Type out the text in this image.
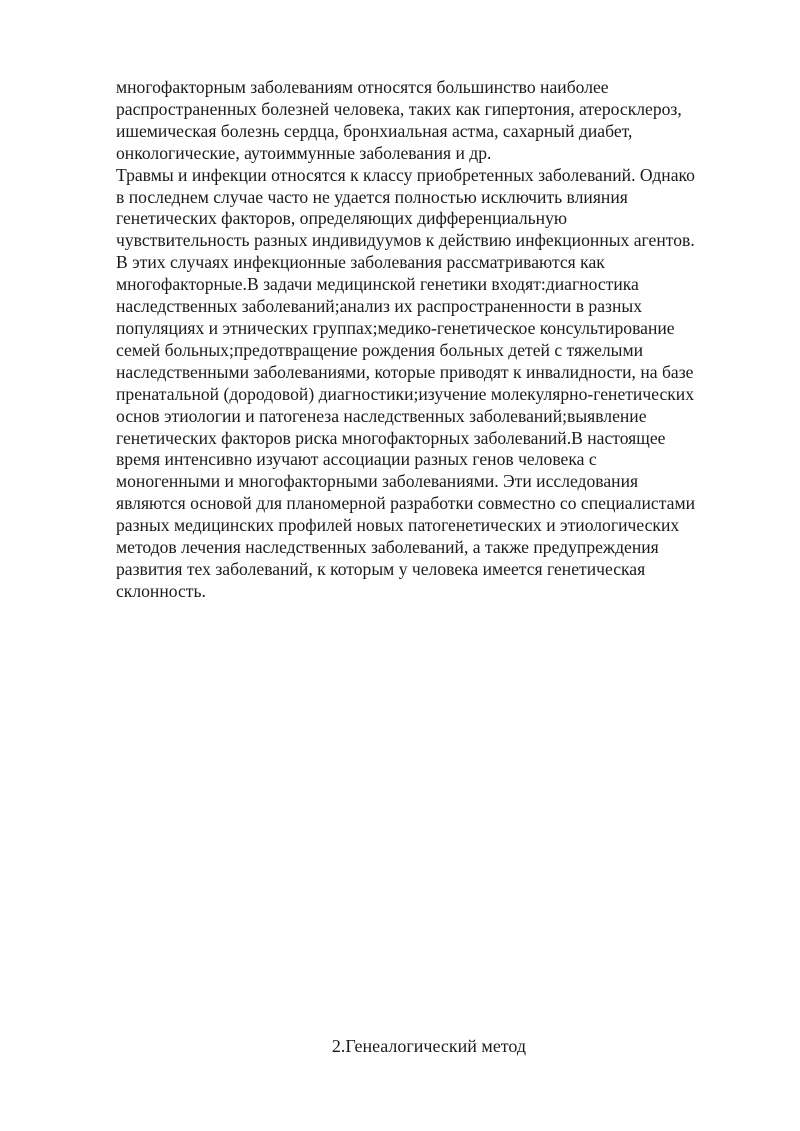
многофакторным заболеваниям относятся большинство наиболее
распространенных болезней человека, таких как гипертония, атеросклероз,
ишемическая болезнь сердца, бронхиальная астма, сахарный диабет,
онкологические, аутоиммунные заболевания и др.
Травмы и инфекции относятся к классу приобретенных заболеваний. Однако
в последнем случае часто не удается полностью исключить влияния
генетических факторов, определяющих дифференциальную
чувствительность разных индивидуумов к действию инфекционных агентов.
В этих случаях инфекционные заболевания рассматриваются как
многофакторные.В задачи медицинской генетики входят:диагностика
наследственных заболеваний;анализ их распространенности в разных
популяциях и этнических группах;медико-генетическое консультирование
семей больных;предотвращение рождения больных детей с тяжелыми
наследственными заболеваниями, которые приводят к инвалидности, на базе
пренатальной (дородовой) диагностики;изучение молекулярно-генетических
основ этиологии и патогенеза наследственных заболеваний;выявление
генетических факторов риска многофакторных заболеваний.В настоящее
время интенсивно изучают ассоциации разных генов человека с
моногенными и многофакторными заболеваниями. Эти исследования
являются основой для планомерной разработки совместно со специалистами
разных медицинских профилей новых патогенетических и этиологических
методов лечения наследственных заболеваний, а также предупреждения
развития тех заболеваний, к которым у человека имеется генетическая
склонность.
2.Генеалогический метод
